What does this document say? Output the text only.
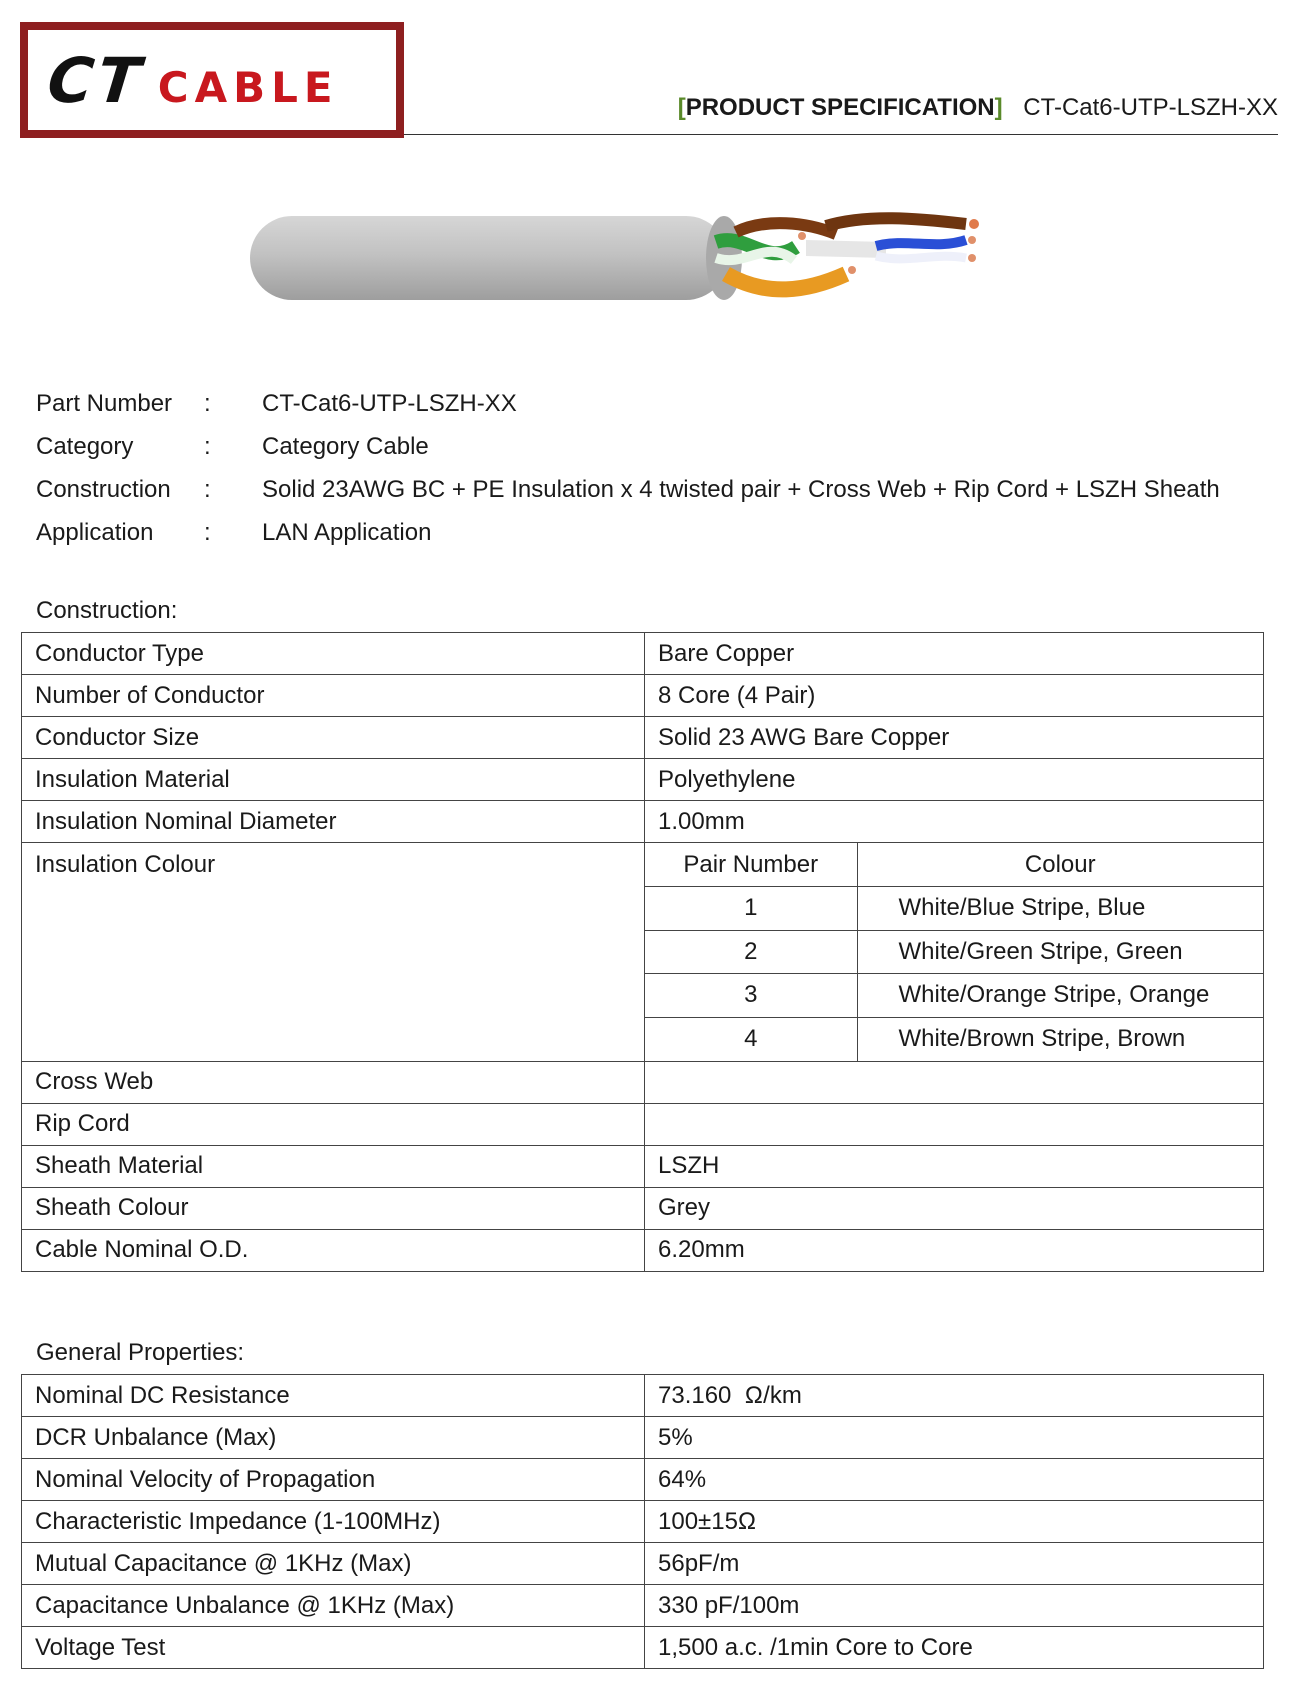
CT CABLE	[PRODUCT SPECIFICATION] CT-Cat6-UTP-LSZH-XX
Part Number	:	CT-Cat6-UTP-LSZH-XX
Category	:	Category Cable
Construction	:	Solid 23AWG BC + PE Insulation x 4 twisted pair + Cross Web + Rip Cord + LSZH Sheath
Application	:	LAN Application
Construction:
Conductor Type	Bare Copper
Number of Conductor	8 Core (4 Pair)
Conductor Size	Solid 23 AWG Bare Copper
Insulation Material	Polyethylene
Insulation Nominal Diameter	1.00mm
Insulation Colour		Pair Number	Colour
1	White/Blue Stripe, Blue
2	White/Green Stripe, Green
3	White/Orange Stripe, Orange
4	White/Brown Stripe, Brown

Cross Web	
Rip Cord	
Sheath Material	LSZH
Sheath Colour	Grey
Cable Nominal O.D.	6.20mm
General Properties:
Nominal DC Resistance	73.160  Ω/km
DCR Unbalance (Max)	5%
Nominal Velocity of Propagation	64%
Characteristic Impedance (1-100MHz)	100±15Ω
Mutual Capacitance @ 1KHz (Max)	56pF/m
Capacitance Unbalance @ 1KHz (Max)	330 pF/100m
Voltage Test	1,500 a.c. /1min Core to Core
